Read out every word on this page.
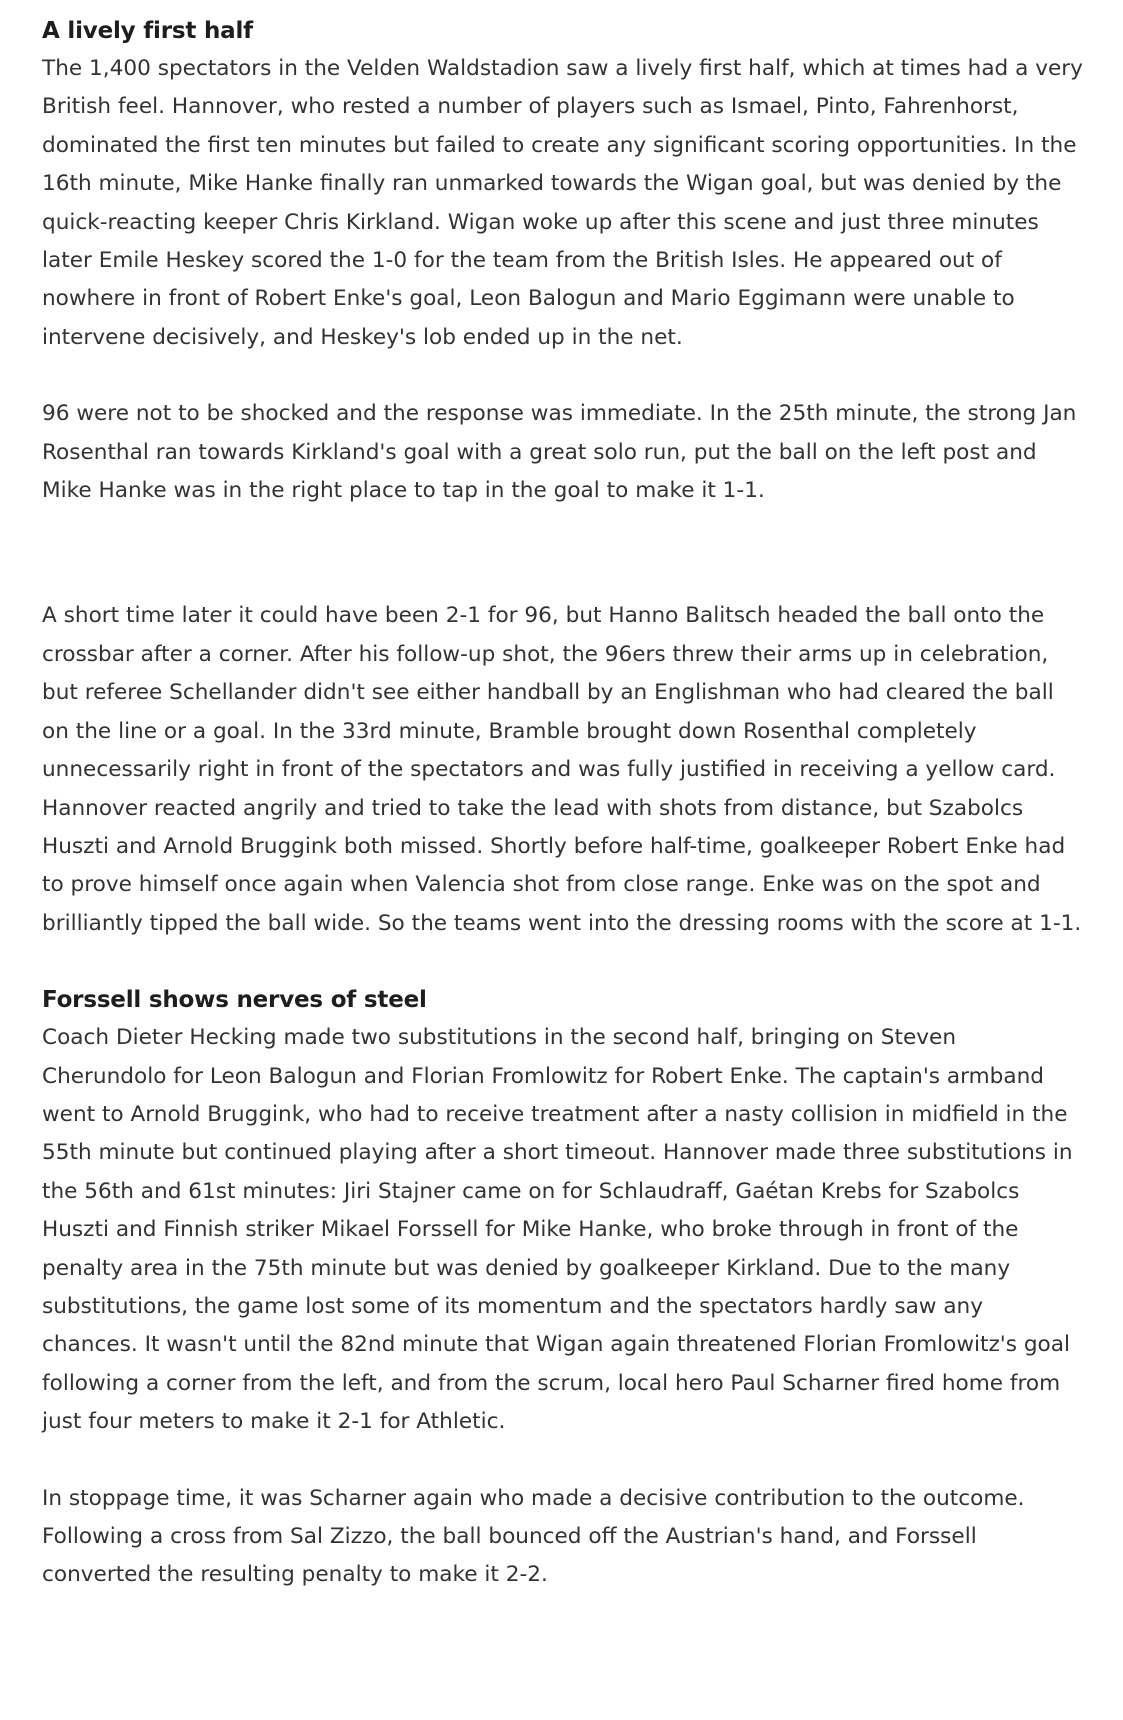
A lively first half

The 1,400 spectators in the Velden Waldstadion saw a lively first half, which at times had a very British feel. Hannover, who rested a number of players such as Ismael, Pinto, Fahrenhorst, dominated the first ten minutes but failed to create any significant scoring opportunities. In the 16th minute, Mike Hanke finally ran unmarked towards the Wigan goal, but was denied by the quick-reacting keeper Chris Kirkland. Wigan woke up after this scene and just three minutes later Emile Heskey scored the 1-0 for the team from the British Isles. He appeared out of nowhere in front of Robert Enke's goal, Leon Balogun and Mario Eggimann were unable to intervene decisively, and Heskey's lob ended up in the net.

96 were not to be shocked and the response was immediate. In the 25th minute, the strong Jan Rosenthal ran towards Kirkland's goal with a great solo run, put the ball on the left post and Mike Hanke was in the right place to tap in the goal to make it 1-1.

A short time later it could have been 2-1 for 96, but Hanno Balitsch headed the ball onto the crossbar after a corner. After his follow-up shot, the 96ers threw their arms up in celebration, but referee Schellander didn't see either handball by an Englishman who had cleared the ball on the line or a goal. In the 33rd minute, Bramble brought down Rosenthal completely unnecessarily right in front of the spectators and was fully justified in receiving a yellow card. Hannover reacted angrily and tried to take the lead with shots from distance, but Szabolcs Huszti and Arnold Bruggink both missed. Shortly before half-time, goalkeeper Robert Enke had to prove himself once again when Valencia shot from close range. Enke was on the spot and brilliantly tipped the ball wide. So the teams went into the dressing rooms with the score at 1-1.

Forssell shows nerves of steel

Coach Dieter Hecking made two substitutions in the second half, bringing on Steven Cherundolo for Leon Balogun and Florian Fromlowitz for Robert Enke. The captain's armband went to Arnold Bruggink, who had to receive treatment after a nasty collision in midfield in the 55th minute but continued playing after a short timeout. Hannover made three substitutions in the 56th and 61st minutes: Jiri Stajner came on for Schlaudraff, Gaétan Krebs for Szabolcs Huszti and Finnish striker Mikael Forssell for Mike Hanke, who broke through in front of the penalty area in the 75th minute but was denied by goalkeeper Kirkland. Due to the many substitutions, the game lost some of its momentum and the spectators hardly saw any chances. It wasn't until the 82nd minute that Wigan again threatened Florian Fromlowitz's goal following a corner from the left, and from the scrum, local hero Paul Scharner fired home from just four meters to make it 2-1 for Athletic.

In stoppage time, it was Scharner again who made a decisive contribution to the outcome. Following a cross from Sal Zizzo, the ball bounced off the Austrian's hand, and Forssell converted the resulting penalty to make it 2-2.
